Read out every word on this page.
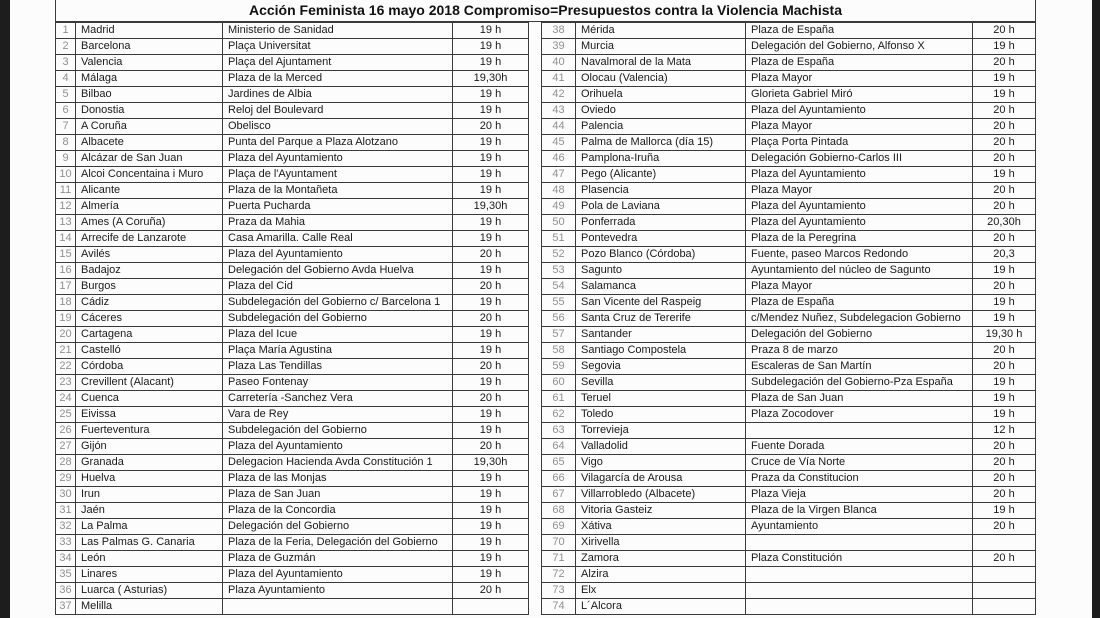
Acción Feminista 16 mayo 2018 Compromiso=Presupuestos contra la Violencia Machista
1	Madrid	Ministerio de Sanidad	19 h
2	Barcelona	Plaça Universitat	19 h
3	Valencia	Plaça del Ajuntament	19 h
4	Málaga	Plaza de la Merced	19,30h
5	Bilbao	Jardines de Albia	19 h
6	Donostia	Reloj del Boulevard	19 h
7	A Coruña	Obelisco	20 h
8	Albacete	Punta del Parque a Plaza Alotzano	19 h
9	Alcázar de San Juan	Plaza del Ayuntamiento	19 h
10	Alcoi Concentaina i Muro	Plaça de l'Ayuntament	19 h
11	Alicante	Plaza de la Montañeta	19 h
12	Almería	Puerta Pucharda	19,30h
13	Ames (A Coruña)	Praza da Mahia	19 h
14	Arrecife de Lanzarote	Casa Amarilla. Calle Real	19 h
15	Avilés	Plaza del Ayuntamiento	20 h
16	Badajoz	Delegación del Gobierno Avda Huelva	19 h
17	Burgos	Plaza del Cid	20 h
18	Cádiz	Subdelegación del Gobierno c/ Barcelona 1	19 h
19	Cáceres	Subdelegación del Gobierno	20 h
20	Cartagena	Plaza del Icue	19 h
21	Castelló	Plaça María Agustina	19 h
22	Córdoba	Plaza Las Tendillas	20 h
23	Crevillent (Alacant)	Paseo Fontenay	19 h
24	Cuenca	Carretería -Sanchez Vera	20 h
25	Eivissa	Vara de Rey	19 h
26	Fuerteventura	Subdelegación del Gobierno	19 h
27	Gijón	Plaza del Ayuntamiento	20 h
28	Granada	Delegacion Hacienda Avda Constitución 1	19,30h
29	Huelva	Plaza de las Monjas	19 h
30	Irun	Plaza de San Juan	19 h
31	Jaén	Plaza de la Concordia	19 h
32	La Palma	Delegación del Gobierno	19 h
33	Las Palmas G. Canaria	Plaza de la Feria, Delegación del Gobierno	19 h
34	León	Plaza de Guzmán	19 h
35	Linares	Plaza del Ayuntamiento	19 h
36	Luarca ( Asturias)	Plaza Ayuntamiento	20 h
37	Melilla		
38	Mérida	Plaza de España	20 h
39	Murcia	Delegación del Gobierno, Alfonso X	19 h
40	Navalmoral de la Mata	Plaza de España	20 h
41	Olocau (Valencia)	Plaza Mayor	19 h
42	Orihuela	Glorieta Gabriel Miró	19 h
43	Oviedo	Plaza del Ayuntamiento	20 h
44	Palencia	Plaza Mayor	20 h
45	Palma de Mallorca (día 15)	Plaça Porta Pintada	20 h
46	Pamplona-Iruña	Delegación Gobierno-Carlos III	20 h
47	Pego (Alicante)	Plaza del Ayuntamiento	19 h
48	Plasencia	Plaza Mayor	20 h
49	Pola de Laviana	Plaza del Ayuntamiento	20 h
50	Ponferrada	Plaza del Ayuntamiento	20,30h
51	Pontevedra	Plaza de la Peregrina	20 h
52	Pozo Blanco (Córdoba)	Fuente, paseo Marcos Redondo	20,3
53	Sagunto	Ayuntamiento del núcleo de Sagunto	19 h
54	Salamanca	Plaza Mayor	20 h
55	San Vicente del Raspeig	Plaza de España	19 h
56	Santa Cruz de Tererife	c/Mendez Nuñez, Subdelegacion Gobierno	19 h
57	Santander	Delegación del Gobierno	19,30 h
58	Santiago Compostela	Praza 8 de marzo	20 h
59	Segovia	Escaleras de San Martín	20 h
60	Sevilla	Subdelegación del Gobierno-Pza España	19 h
61	Teruel	Plaza de San Juan	19 h
62	Toledo	Plaza Zocodover	19 h
63	Torrevieja		12 h
64	Valladolid	Fuente Dorada	20 h
65	Vigo	Cruce de Vía Norte	20 h
66	Vilagarcía de Arousa	Praza da Constitucion	20 h
67	Villarrobledo (Albacete)	Plaza Vieja	20 h
68	Vitoria Gasteiz	Plaza de la Virgen Blanca	19 h
69	Xátiva	Ayuntamiento	20 h
70	Xirivella		
71	Zamora	Plaza Constitución	20 h
72	Alzira		
73	Elx		
74	L´Alcora		
